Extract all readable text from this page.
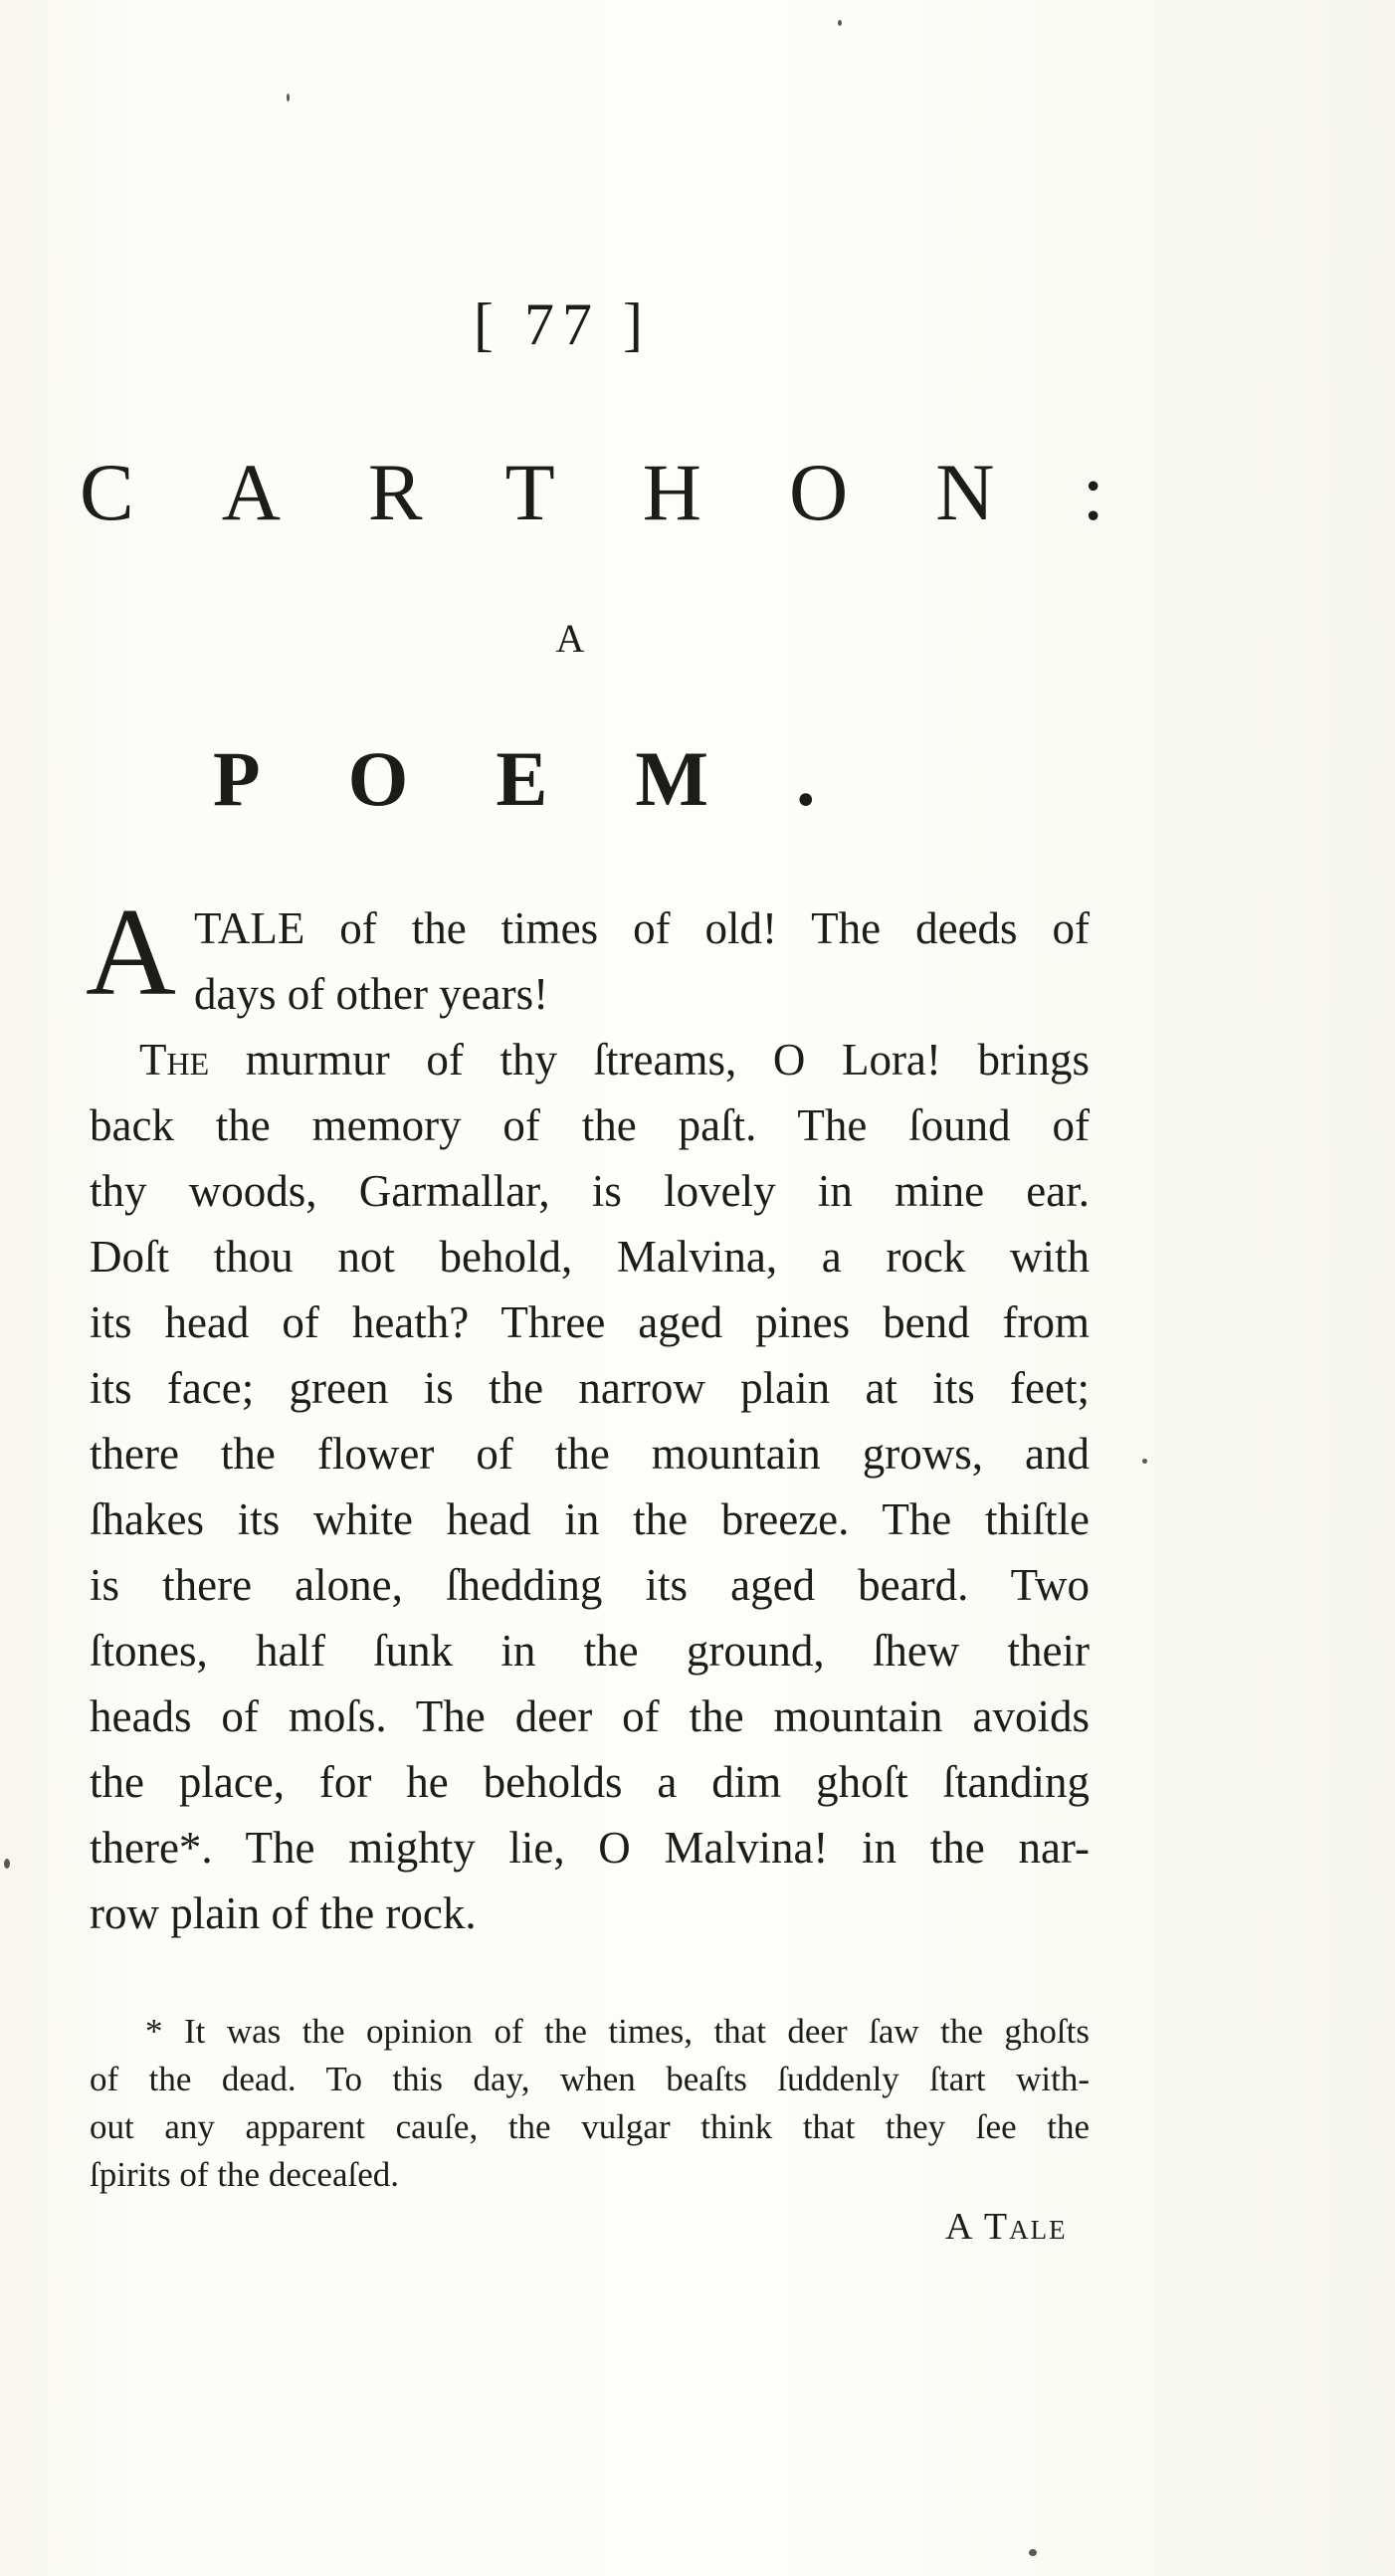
[ 77 ]
CARTHON:
A
POEM.
A TALE of the times of old! The deeds of
days of other years!
The murmur of thy ſtreams, O Lora! brings
back the memory of the paſt. The ſound of
thy woods, Garmallar, is lovely in mine ear.
Doſt thou not behold, Malvina, a rock with
its head of heath? Three aged pines bend from
its face; green is the narrow plain at its feet;
there the flower of the mountain grows, and
ſhakes its white head in the breeze. The thiſtle
is there alone, ſhedding its aged beard. Two
ſtones, half ſunk in the ground, ſhew their
heads of moſs. The deer of the mountain avoids
the place, for he beholds a dim ghoſt ſtanding
there*. The mighty lie, O Malvina! in the nar-
row plain of the rock.
* It was the opinion of the times, that deer ſaw the ghoſts
of the dead. To this day, when beaſts ſuddenly ſtart with-
out any apparent cauſe, the vulgar think that they ſee the
ſpirits of the deceaſed.
A Tale
